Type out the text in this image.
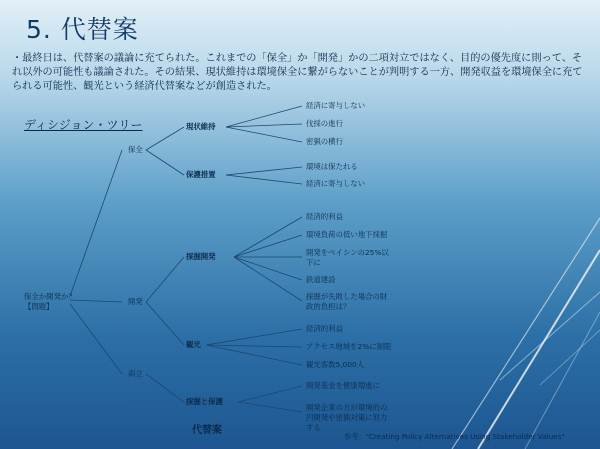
5. 代替案
・最終日は、代替案の議論に充てられた。これまでの「保全」か「開発」かの二項対立ではなく、目的の優先度に則って、それ以外の可能性も議論された。その結果、現状維持は環境保全に繋がらないことが判明する一方、開発収益を環境保全に充てられる可能性、観光という経済代替案などが創造された。
ディシジョン・ツリー
保全か開発か？
【問題】
保全
開発
両立
現状維持
保護措置
採掘開発
観光
採掘と保護
経済に寄与しない
伐採の進行
密猟の横行
環境は保たれる
経済に寄与しない
経済的利益
環境負荷の低い地下採掘
開発をペイシンの25%以下に
鉄道建設
採掘が失敗した場合の財政的負担は？
経済的利益
アクセス地域を2%に制限
観光客数5,000人
開発基金を健康増進に
開発企業の方が環境的の円開発や密猟対策に努力する
代替案
参考："Creating Policy Alternatives Using Stakeholder Values"
